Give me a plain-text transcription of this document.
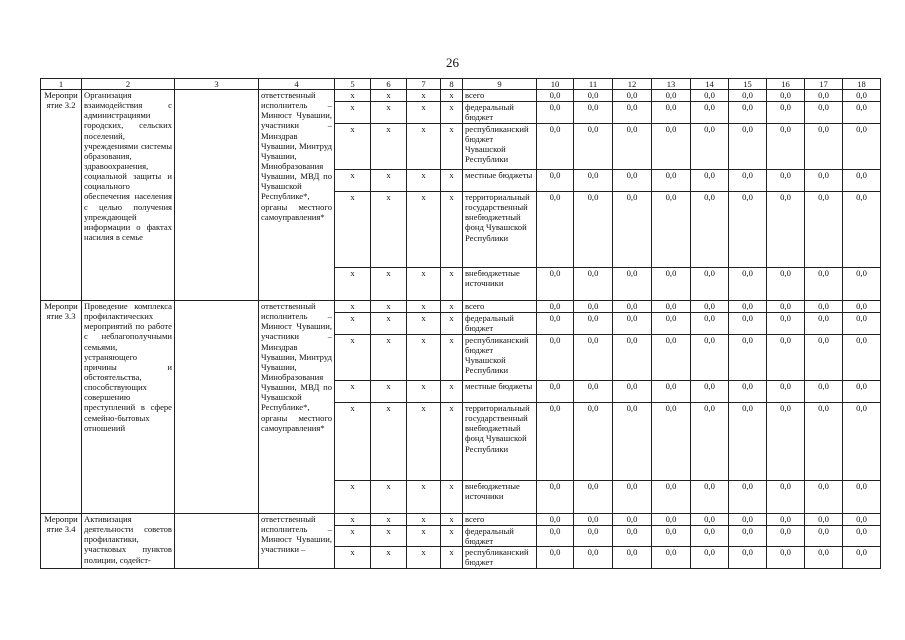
26
1	2	3	4	5	6	7	8	9	10	11	12	13	14	15	16	17	18
Мероприятие 3.2	Организация взаимодействия с администрациями городских, сельских поселений, учреждениями системы образования, здравоохранения, социальной защиты и социального обеспечения населения с целью получения упреждающей информации о фактах насилия в семье		ответственный исполнитель – Минюст Чувашии, участники – Минздрав Чувашии, Минтруд Чувашии, Минобразования Чувашии, МВД по Чувашской Республике*, органы местного самоуправления*	x	x	x	x	всего	0,0	0,0	0,0	0,0	0,0	0,0	0,0	0,0	0,0
				x	x	x	x	федеральный бюджет	0,0	0,0	0,0	0,0	0,0	0,0	0,0	0,0	0,0
				x	x	x	x	республиканский бюджет Чувашской Республики	0,0	0,0	0,0	0,0	0,0	0,0	0,0	0,0	0,0
				x	x	x	x	местные бюджеты	0,0	0,0	0,0	0,0	0,0	0,0	0,0	0,0	0,0
				x	x	x	x	территориальный государственный внебюджетный фонд Чувашской Республики	0,0	0,0	0,0	0,0	0,0	0,0	0,0	0,0	0,0
				x	x	x	x	внебюджетные источники	0,0	0,0	0,0	0,0	0,0	0,0	0,0	0,0	0,0
Мероприятие 3.3	Проведение комплекса профилактических мероприятий по работе с неблагополучными семьями, устраняющего причины и обстоятельства, способствующих совершению преступлений в сфере семейно-бытовых отношений		ответственный исполнитель – Минюст Чувашии, участники – Минздрав Чувашии, Минтруд Чувашии, Минобразования Чувашии, МВД по Чувашской Республике*, органы местного самоуправления*	x	x	x	x	всего	0,0	0,0	0,0	0,0	0,0	0,0	0,0	0,0	0,0
				x	x	x	x	федеральный бюджет	0,0	0,0	0,0	0,0	0,0	0,0	0,0	0,0	0,0
				x	x	x	x	республиканский бюджет Чувашской Республики	0,0	0,0	0,0	0,0	0,0	0,0	0,0	0,0	0,0
				x	x	x	x	местные бюджеты	0,0	0,0	0,0	0,0	0,0	0,0	0,0	0,0	0,0
				x	x	x	x	территориальный государственный внебюджетный фонд Чувашской Республики	0,0	0,0	0,0	0,0	0,0	0,0	0,0	0,0	0,0
				x	x	x	x	внебюджетные источники	0,0	0,0	0,0	0,0	0,0	0,0	0,0	0,0	0,0
Мероприятие 3.4	Активизация деятельности советов профилактики, участковых пунктов полиции, содейст-		ответственный исполнитель – Минюст Чувашии, участники –	x	x	x	x	всего	0,0	0,0	0,0	0,0	0,0	0,0	0,0	0,0	0,0
				x	x	x	x	федеральный бюджет	0,0	0,0	0,0	0,0	0,0	0,0	0,0	0,0	0,0
				x	x	x	x	республиканский бюджет	0,0	0,0	0,0	0,0	0,0	0,0	0,0	0,0	0,0
